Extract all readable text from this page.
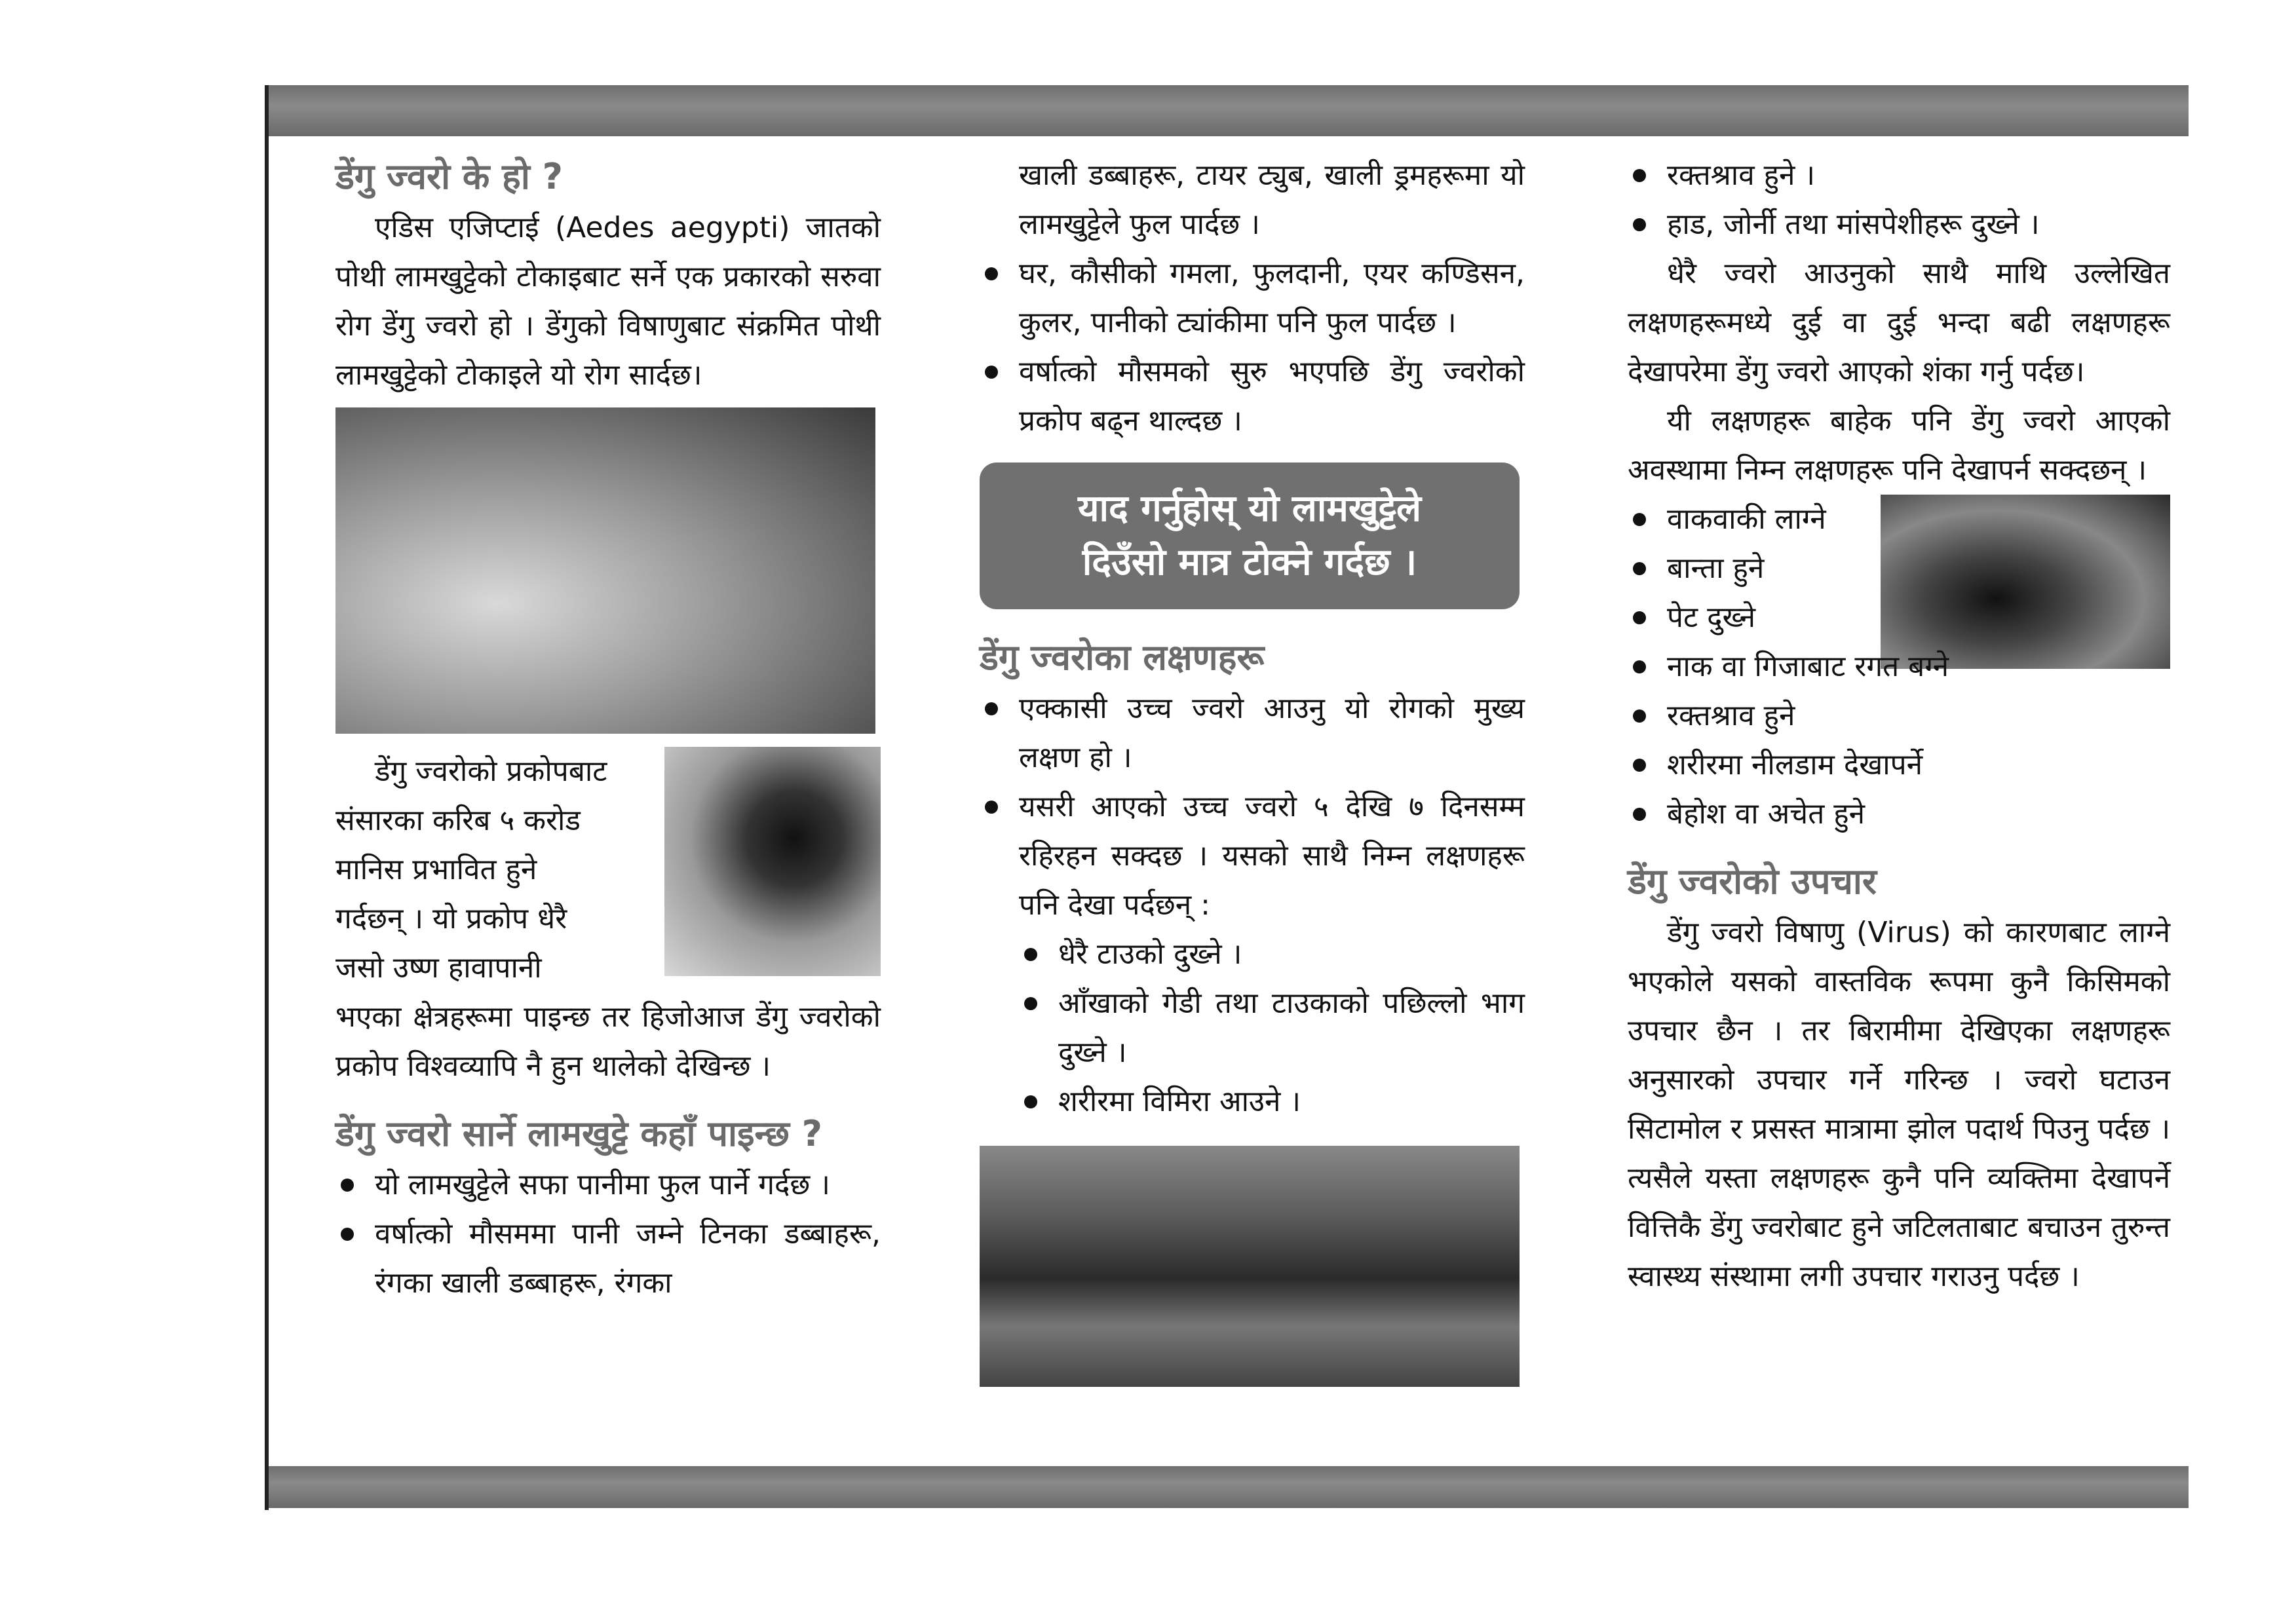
डेंगु ज्वरो के हो ?

एडिस एजिप्टाई (Aedes aegypti) जातको पोथी लामखुट्टेको टोकाइबाट सर्ने एक प्रकारको सरुवा रोग डेंगु ज्वरो हो । डेंगुको विषाणुबाट संक्रमित पोथी लामखुट्टेको टोकाइले यो रोग सार्दछ।

डेंगु ज्वरोको प्रकोपबाट

संसारका करिब ५ करोड

मानिस प्रभावित हुने

गर्दछन् । यो प्रकोप धेरै

जसो उष्ण हावापानी

भएका क्षेत्रहरूमा पाइन्छ तर हिजोआज डेंगु ज्वरोको प्रकोप विश्वव्यापि नै हुन थालेको देखिन्छ ।

डेंगु ज्वरो सार्ने लामखुट्टे कहाँ पाइन्छ ?
यो लामखुट्टेले सफा पानीमा फुल पार्ने गर्दछ ।
वर्षात्को मौसममा पानी जम्ने टिनका डब्बाहरू, रंगका खाली डब्बाहरू, रंगका

खाली डब्बाहरू, टायर ट्युब, खाली ड्रमहरूमा यो लामखुट्टेले फुल पार्दछ ।

घर, कौसीको गमला, फुलदानी, एयर कण्डिसन, कुलर, पानीको ट्यांकीमा पनि फुल पार्दछ ।
वर्षात्को मौसमको सुरु भएपछि डेंगु ज्वरोको प्रकोप बढ्न थाल्दछ ।
याद गर्नुहोस् यो लामखुट्टेले
दिउँसो मात्र टोक्ने गर्दछ ।
डेंगु ज्वरोका लक्षणहरू
एक्कासी उच्च ज्वरो आउनु यो रोगको मुख्य लक्षण हो ।
यसरी आएको उच्च ज्वरो ५ देखि ७ दिनसम्म रहिरहन सक्दछ । यसको साथै निम्न लक्षणहरू पनि देखा पर्दछन् :
धेरै टाउको दुख्ने ।
आँखाको गेडी तथा टाउकाको पछिल्लो भाग दुख्ने ।
शरीरमा विमिरा आउने ।
रक्तश्राव हुने ।
हाड, जोर्नी तथा मांसपेशीहरू दुख्ने ।

धेरै ज्वरो आउनुको साथै माथि उल्लेखित लक्षणहरूमध्ये दुई वा दुई भन्दा बढी लक्षणहरू देखापरेमा डेंगु ज्वरो आएको शंका गर्नु पर्दछ।

यी लक्षणहरू बाहेक पनि डेंगु ज्वरो आएको अवस्थामा निम्न लक्षणहरू पनि देखापर्न सक्दछन् ।

वाकवाकी लाग्ने
बान्ता हुने
पेट दुख्ने
नाक वा गिजाबाट रगत बग्ने
रक्तश्राव हुने
शरीरमा नीलडाम देखापर्ने
बेहोश वा अचेत हुने
डेंगु ज्वरोको उपचार

डेंगु ज्वरो विषाणु (Virus) को कारणबाट लाग्ने भएकोले यसको वास्तविक रूपमा कुनै किसिमको उपचार छैन । तर बिरामीमा देखिएका लक्षणहरू अनुसारको उपचार गर्ने गरिन्छ । ज्वरो घटाउन सिटामोल र प्रसस्त मात्रामा झोल पदार्थ पिउनु पर्दछ । त्यसैले यस्ता लक्षणहरू कुनै पनि व्यक्तिमा देखापर्ने वित्तिकै डेंगु ज्वरोबाट हुने जटिलताबाट बचाउन तुरुन्त स्वास्थ्य संस्थामा लगी उपचार गराउनु पर्दछ ।
